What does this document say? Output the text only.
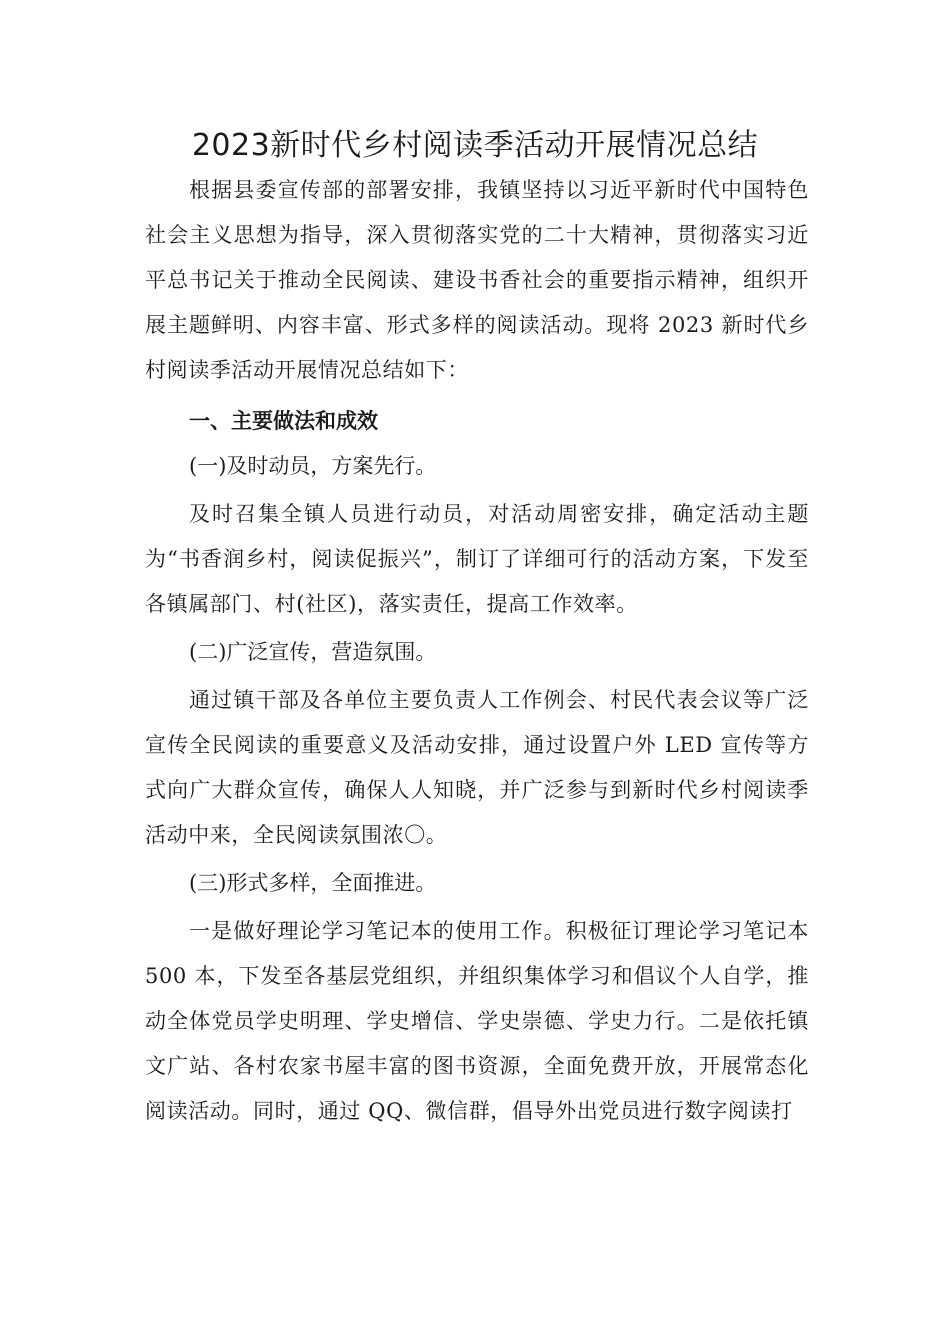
2023新时代乡村阅读季活动开展情况总结

根据县委宣传部的部署安排，我镇坚持以习近平新时代中国特色社会主义思想为指导，深入贯彻落实党的二十大精神，贯彻落实习近平总书记关于推动全民阅读、建设书香社会的重要指示精神，组织开展主题鲜明、内容丰富、形式多样的阅读活动。现将 2023 新时代乡村阅读季活动开展情况总结如下：

一、主要做法和成效

(一)及时动员，方案先行。

及时召集全镇人员进行动员，对活动周密安排，确定活动主题为“书香润乡村，阅读促振兴”，制订了详细可行的活动方案，下发至各镇属部门、村(社区)，落实责任，提高工作效率。

(二)广泛宣传，营造氛围。

通过镇干部及各单位主要负责人工作例会、村民代表会议等广泛宣传全民阅读的重要意义及活动安排，通过设置户外 LED 宣传等方式向广大群众宣传，确保人人知晓，并广泛参与到新时代乡村阅读季活动中来，全民阅读氛围浓〇。

(三)形式多样，全面推进。

一是做好理论学习笔记本的使用工作。积极征订理论学习笔记本 500 本，下发至各基层党组织，并组织集体学习和倡议个人自学，推动全体党员学史明理、学史增信、学史崇德、学史力行。二是依托镇文广站、各村农家书屋丰富的图书资源，全面免费开放，开展常态化阅读活动。同时，通过 QQ、微信群，倡导外出党员进行数字阅读打
